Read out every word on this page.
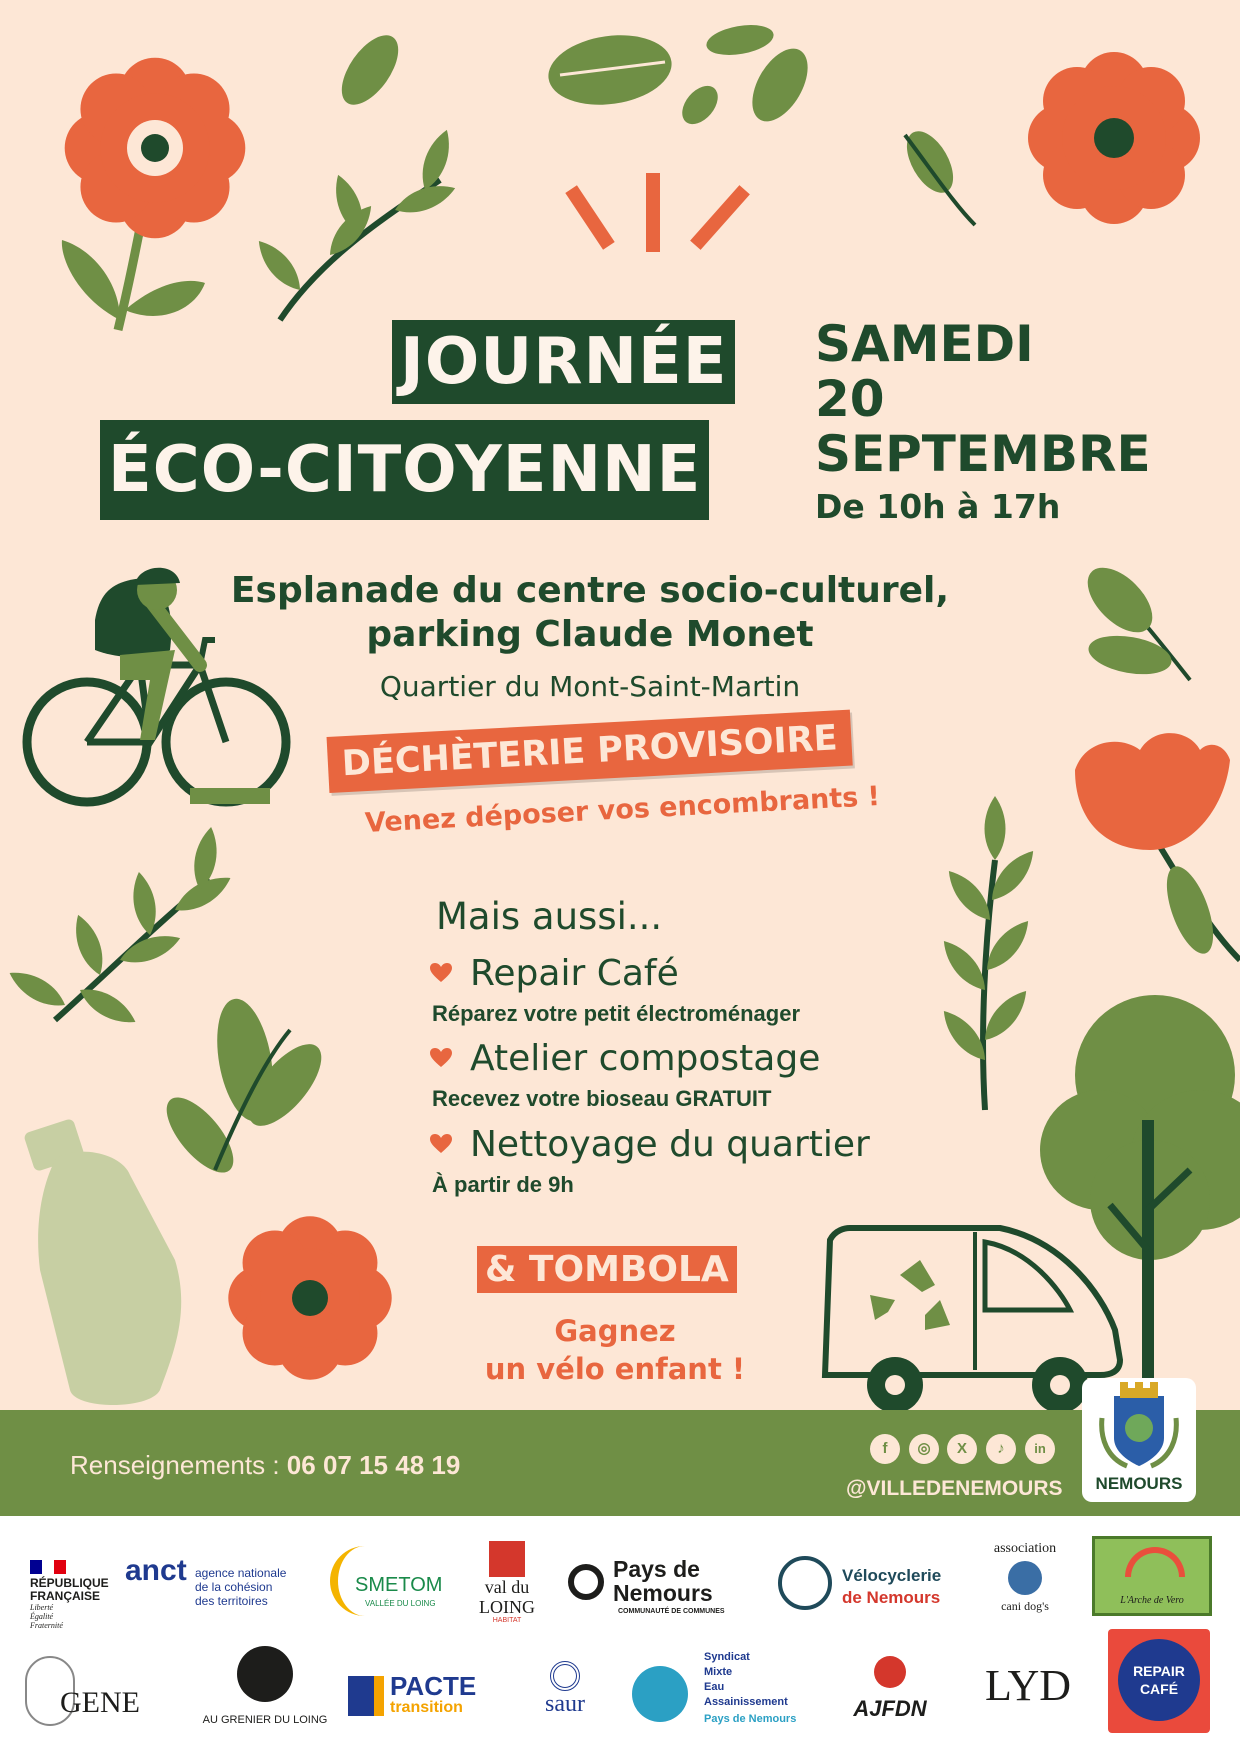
JOURNÉE
ÉCO-CITOYENNE
SAMEDI
20
SEPTEMBRE
De 10h à 17h
Esplanade du centre socio-culturel,
parking Claude Monet
Quartier du Mont-Saint-Martin
DÉCHÈTERIE PROVISOIRE
Venez déposer vos encombrants !
Mais aussi...
Repair Café
Réparez votre petit électroménager
Atelier compostage
Recevez votre bioseau GRATUIT
Nettoyage du quartier
À partir de 9h
& TOMBOLA
Gagnez
un vélo enfant !
Renseignements : 06 07 15 48 19
f	◎	X	♪	in
@VILLEDENEMOURS	NEMOURS
RÉPUBLIQUE
FRANÇAISE
Liberté
Égalité
Fraternité
anct agence nationale
de la cohésion
des territoires
SMETOM
VALLÉE DU LOING
val du
LOING
HABITAT
Pays de
Nemours
COMMUNAUTÉ DE COMMUNES
Vélocyclerie
de Nemours
association
cani dog's	L'Arche de Vero
GENE
AU GRENIER DU LOING
PACTE
transition	saur
Syndicat
Mixte
Eau
Assainissement
Pays de Nemours	AJFDN LYD	REPAIR
CAFÉ
